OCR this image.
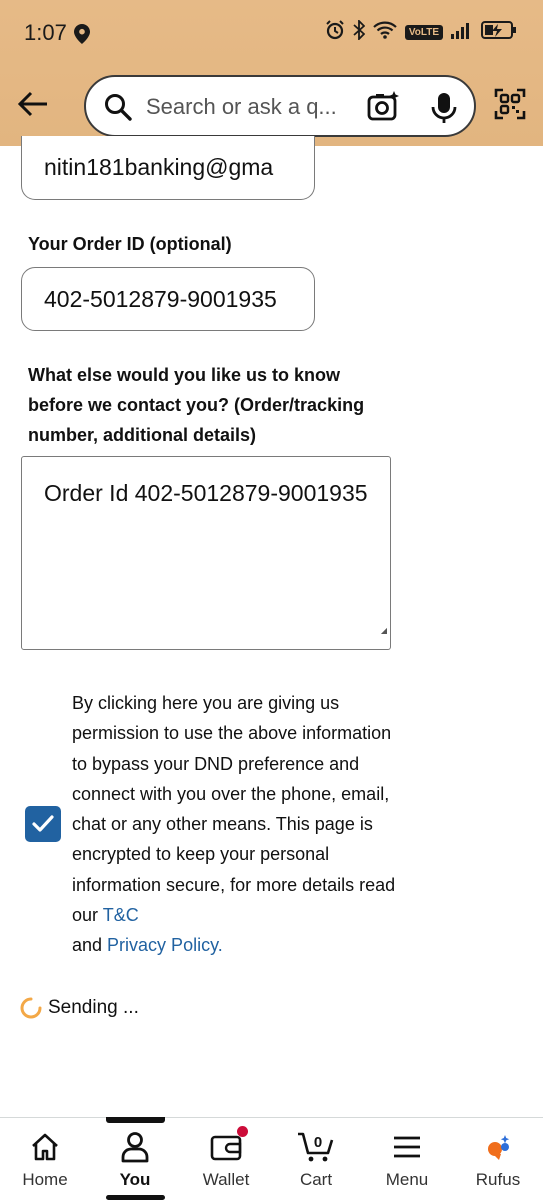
1:07	VoLTE
Search or ask a q...
nitin181banking@gma
Your Order ID (optional)
402-5012879-9001935
What else would you like us to know before we contact you? (Order/tracking number, additional details)
Order Id 402-5012879-9001935
◢
By clicking here you are giving us permission to use the above information to bypass your DND preference and connect with you over the phone, email, chat or any other means. This page is encrypted to keep your personal information secure, for more details read our T&C
and Privacy Policy.
Sending ...
Home	You	Wallet
0
Cart	Menu	Rufus
